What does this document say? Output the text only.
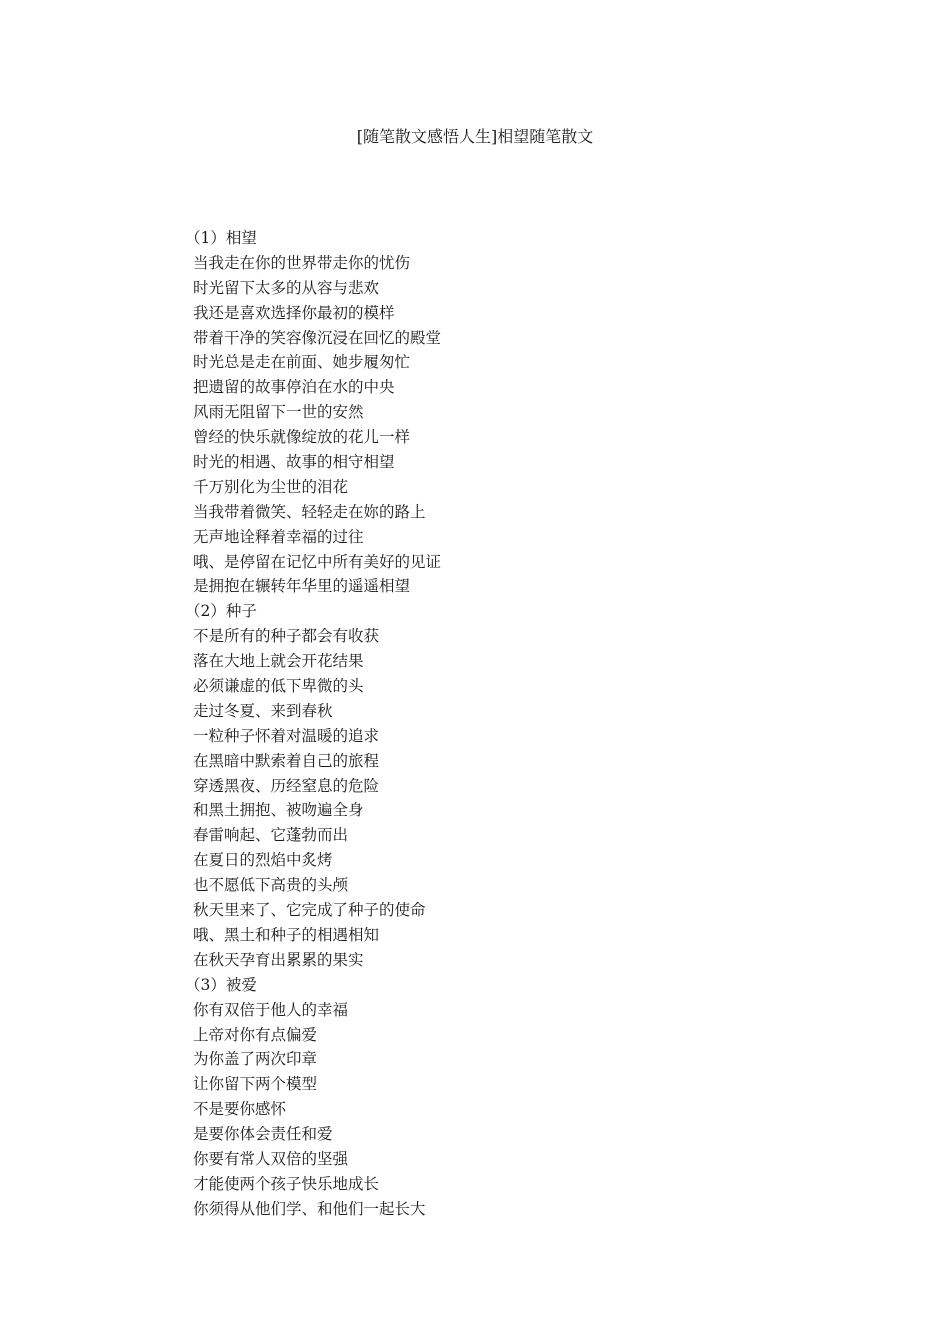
[随笔散文感悟人生]相望随笔散文
（1）相望
当我走在你的世界带走你的忧伤
时光留下太多的从容与悲欢
我还是喜欢选择你最初的模样
带着干净的笑容像沉浸在回忆的殿堂
时光总是走在前面、她步履匆忙
把遗留的故事停泊在水的中央
风雨无阻留下一世的安然
曾经的快乐就像绽放的花儿一样
时光的相遇、故事的相守相望
千万别化为尘世的泪花
当我带着微笑、轻轻走在妳的路上
无声地诠释着幸福的过往
哦、是停留在记忆中所有美好的见证
是拥抱在辗转年华里的遥遥相望
（2）种子
不是所有的种子都会有收获
落在大地上就会开花结果
必须谦虚的低下卑微的头
走过冬夏、来到春秋
一粒种子怀着对温暖的追求
在黑暗中默索着自己的旅程
穿透黑夜、历经窒息的危险
和黑土拥抱、被吻遍全身
春雷响起、它蓬勃而出
在夏日的烈焰中炙烤
也不愿低下高贵的头颅
秋天里来了、它完成了种子的使命
哦、黑土和种子的相遇相知
在秋天孕育出累累的果实
（3）被爱
你有双倍于他人的幸福
上帝对你有点偏爱
为你盖了两次印章
让你留下两个模型
不是要你感怀
是要你体会责任和爱
你要有常人双倍的坚强
才能使两个孩子快乐地成长
你须得从他们学、和他们一起长大
